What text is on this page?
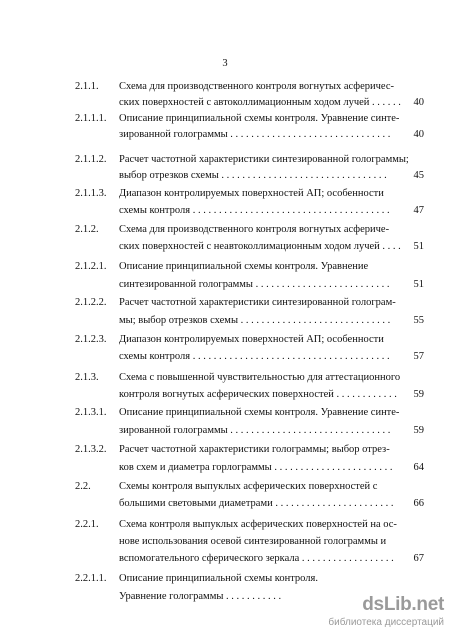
3
2.1.1. Схема для производственного контроля вогнутых асферичес-
ских поверхностей с автоколлимационным ходом лучей . . . . . .	40
2.1.1.1. Описание принципиальной схемы контроля. Уравнение синте-
зированной голограммы . . . . . . . . . . . . . . . . . . . . . . . . . . . . . . .	40
2.1.1.2. Расчет частотной характеристики синтезированной голограммы;
выбор отрезков схемы . . . . . . . . . . . . . . . . . . . . . . . . . . . . . . . .	45
2.1.1.3. Диапазон контролируемых поверхностей АП; особенности
схемы контроля . . . . . . . . . . . . . . . . . . . . . . . . . . . . . . . . . . . . . .	47
2.1.2. Схема для производственного контроля вогнутых асфериче-
ских поверхностей с неавтоколлимационным ходом лучей . . . .	51
2.1.2.1. Описание принципиальной схемы контроля. Уравнение
синтезированной голограммы . . . . . . . . . . . . . . . . . . . . . . . . . .	51
2.1.2.2. Расчет частотной характеристики синтезированной голограм-
мы; выбор отрезков схемы . . . . . . . . . . . . . . . . . . . . . . . . . . . . .	55
2.1.2.3. Диапазон контролируемых поверхностей АП; особенности
схемы контроля . . . . . . . . . . . . . . . . . . . . . . . . . . . . . . . . . . . . . .	57
2.1.3. Схема с повышенной чувствительностью для аттестационного
контроля вогнутых асферических поверхностей . . . . . . . . . . . .	59
2.1.3.1. Описание принципиальной схемы контроля. Уравнение синте-
зированной голограммы . . . . . . . . . . . . . . . . . . . . . . . . . . . . . . .	59
2.1.3.2. Расчет частотной характеристики голограммы; выбор отрез-
ков схем и диаметра горлограммы . . . . . . . . . . . . . . . . . . . . . . .	64
2.2.	Схемы контроля выпуклых асферических поверхностей с
большими световыми диаметрами . . . . . . . . . . . . . . . . . . . . . . .	66
2.2.1. Схема контроля выпуклых асферических поверхностей на ос-
нове использования осевой синтезированной голограммы и
вспомогательного сферического зеркала . . . . . . . . . . . . . . . . . .	67
2.2.1.1. Описание принципиальной схемы контроля.
Уравнение голограммы . . . . . . . . . . .	dsLib.net
библиотека диссертаций
